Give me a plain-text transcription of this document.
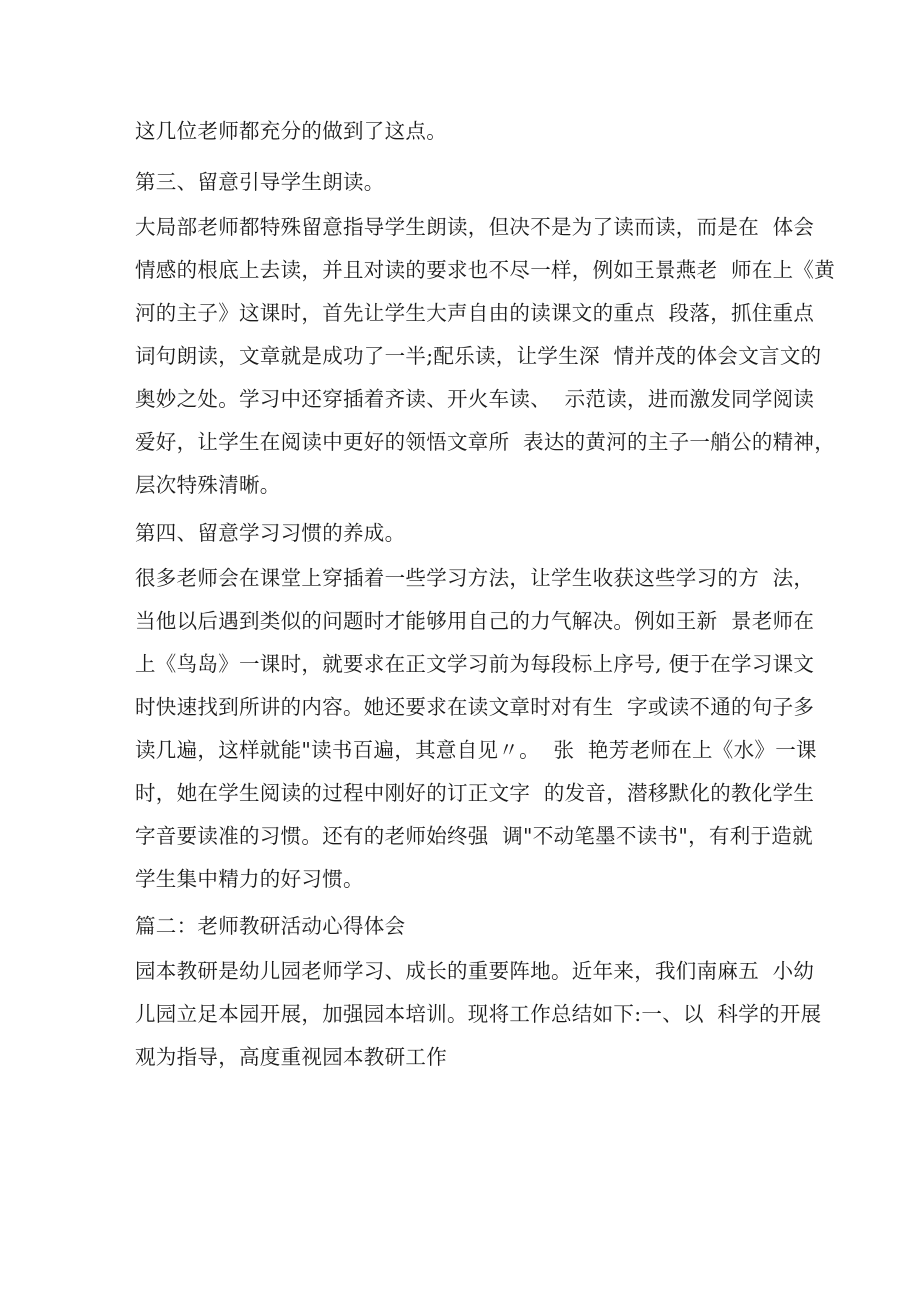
这几位老师都充分的做到了这点。
第三、留意引导学生朗读。
大局部老师都特殊留意指导学生朗读，但决不是为了读而读，而是在  体会
情感的根底上去读，并且对读的要求也不尽一样，例如王景燕老  师在上《黄
河的主子》这课时，首先让学生大声自由的读课文的重点  段落，抓住重点
词句朗读，文章就是成功了一半;配乐读，让学生深  情并茂的体会文言文的
奥妙之处。学习中还穿插着齐读、开火车读、  示范读，进而激发同学阅读
爱好，让学生在阅读中更好的领悟文章所  表达的黄河的主子一艄公的精神，
层次特殊清晰。
第四、留意学习习惯的养成。
很多老师会在课堂上穿插着一些学习方法，让学生收获这些学习的方  法，
当他以后遇到类似的问题时才能够用自己的力气解决。例如王新  景老师在
上《鸟岛》一课时，就要求在正文学习前为每段标上序号, 便于在学习课文
时快速找到所讲的内容。她还要求在读文章时对有生  字或读不通的句子多
读几遍，这样就能"读书百遍，其意自见〃。  张  艳芳老师在上《水》一课
时，她在学生阅读的过程中刚好的订正文字  的发音，潜移默化的教化学生
字音要读准的习惯。还有的老师始终强  调"不动笔墨不读书"，有利于造就
学生集中精力的好习惯。
篇二：老师教研活动心得体会
园本教研是幼儿园老师学习、成长的重要阵地。近年来，我们南麻五  小幼
儿园立足本园开展，加强园本培训。现将工作总结如下:一、以  科学的开展
观为指导，高度重视园本教研工作
